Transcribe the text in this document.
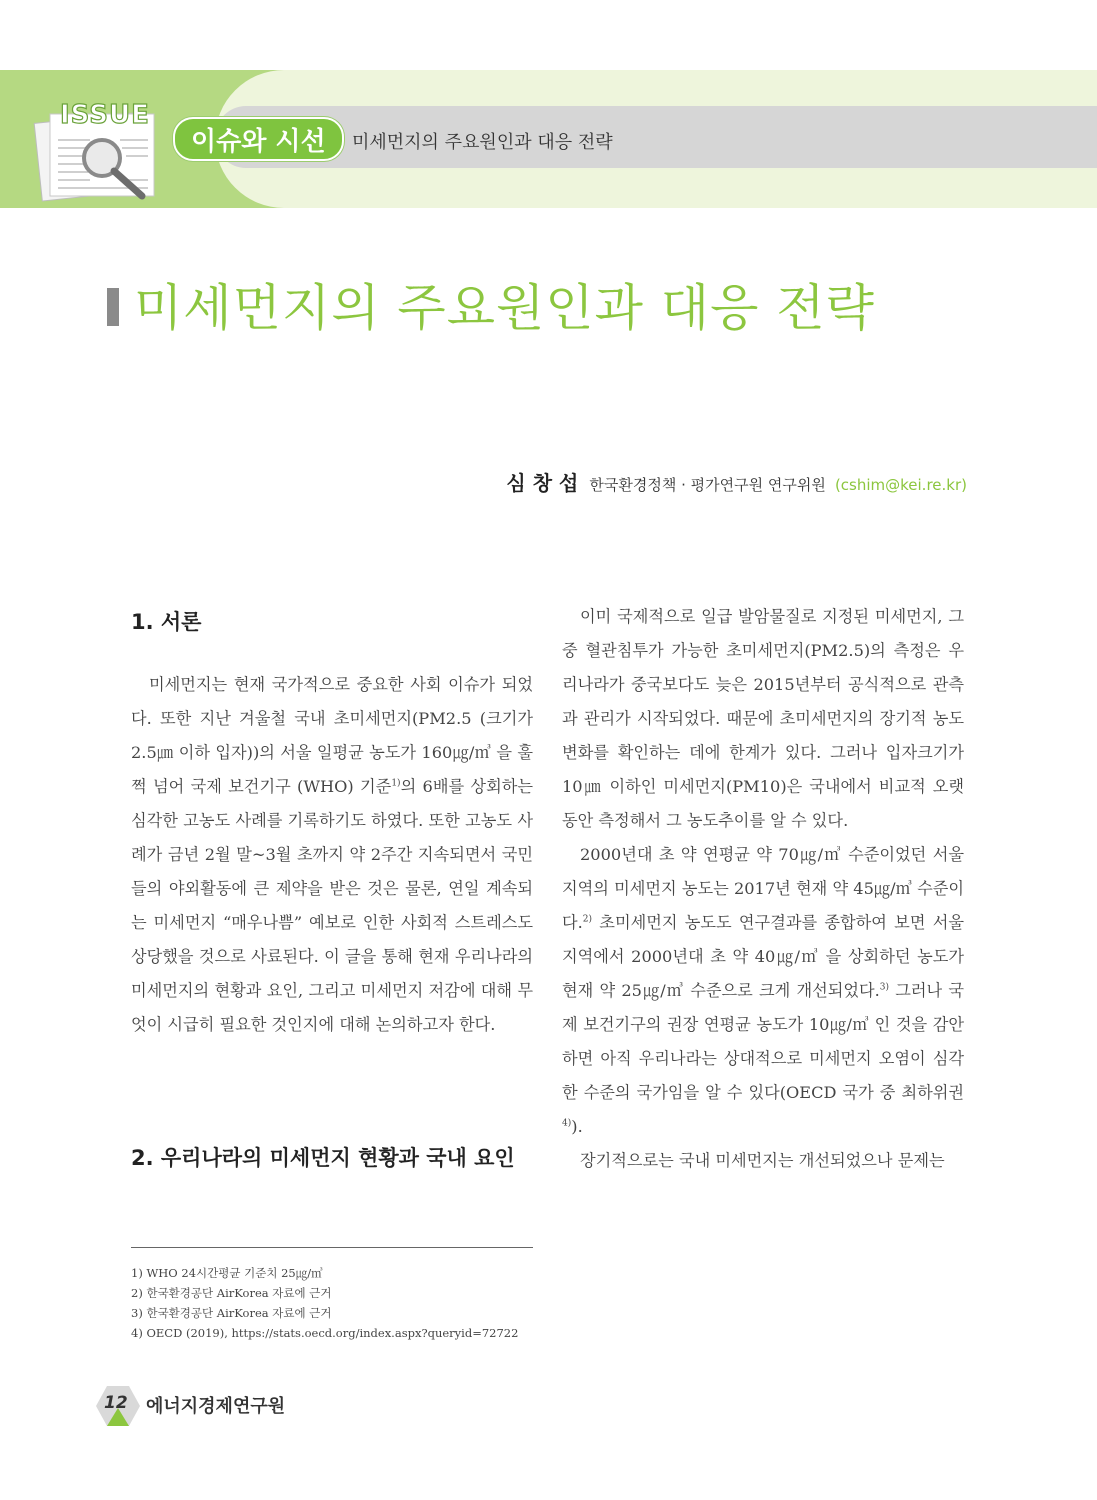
ISSUE
이슈와 시선 미세먼지의 주요원인과 대응 전략
미세먼지의 주요원인과 대응 전략
심 창 섭 한국환경정책 · 평가연구원 연구위원 (cshim@kei.re.kr)
1. 서론

미세먼지는 현재 국가적으로 중요한 사회 이슈가 되었다. 또한 지난 겨울철 국내 초미세먼지(PM2.5 (크기가 2.5㎛ 이하 입자))의 서울 일평균 농도가 160㎍/㎥ 을 훌쩍 넘어 국제 보건기구 (WHO) 기준$^{1)}$의 6배를 상회하는 심각한 고농도 사례를 기록하기도 하였다. 또한 고농도 사례가 금년 2월 말~3월 초까지 약 2주간 지속되면서 국민들의 야외활동에 큰 제약을 받은 것은 물론, 연일 계속되는 미세먼지 “매우나쁨” 예보로 인한 사회적 스트레스도 상당했을 것으로 사료된다. 이 글을 통해 현재 우리나라의 미세먼지의 현황과 요인, 그리고 미세먼지 저감에 대해 무엇이 시급히 필요한 것인지에 대해 논의하고자 한다.

2. 우리나라의 미세먼지 현황과 국내 요인

이미 국제적으로 일급 발암물질로 지정된 미세먼지, 그 중 혈관침투가 가능한 초미세먼지(PM2.5)의 측정은 우리나라가 중국보다도 늦은 2015년부터 공식적으로 관측과 관리가 시작되었다. 때문에 초미세먼지의 장기적 농도 변화를 확인하는 데에 한계가 있다. 그러나 입자크기가 10㎛ 이하인 미세먼지(PM10)은 국내에서 비교적 오랫동안 측정해서 그 농도추이를 알 수 있다.

2000년대 초 약 연평균 약 70㎍/㎥ 수준이었던 서울지역의 미세먼지 농도는 2017년 현재 약 45㎍/㎥ 수준이다.$^{2)}$ 초미세먼지 농도도 연구결과를 종합하여 보면 서울지역에서 2000년대 초 약 40㎍/㎥ 을 상회하던 농도가 현재 약 25㎍/㎥ 수준으로 크게 개선되었다.$^{3)}$ 그러나 국제 보건기구의 권장 연평균 농도가 10㎍/㎥ 인 것을 감안하면 아직 우리나라는 상대적으로 미세먼지 오염이 심각한 수준의 국가임을 알 수 있다(OECD 국가 중 최하위권$^{4)}$).

장기적으로는 국내 미세먼지는 개선되었으나 문제는

1) WHO 24시간평균 기준치 25㎍/㎥
2) 한국환경공단 AirKorea 자료에 근거
3) 한국환경공단 AirKorea 자료에 근거
4) OECD (2019), https://stats.oecd.org/index.aspx?queryid=72722
12 에너지경제연구원
